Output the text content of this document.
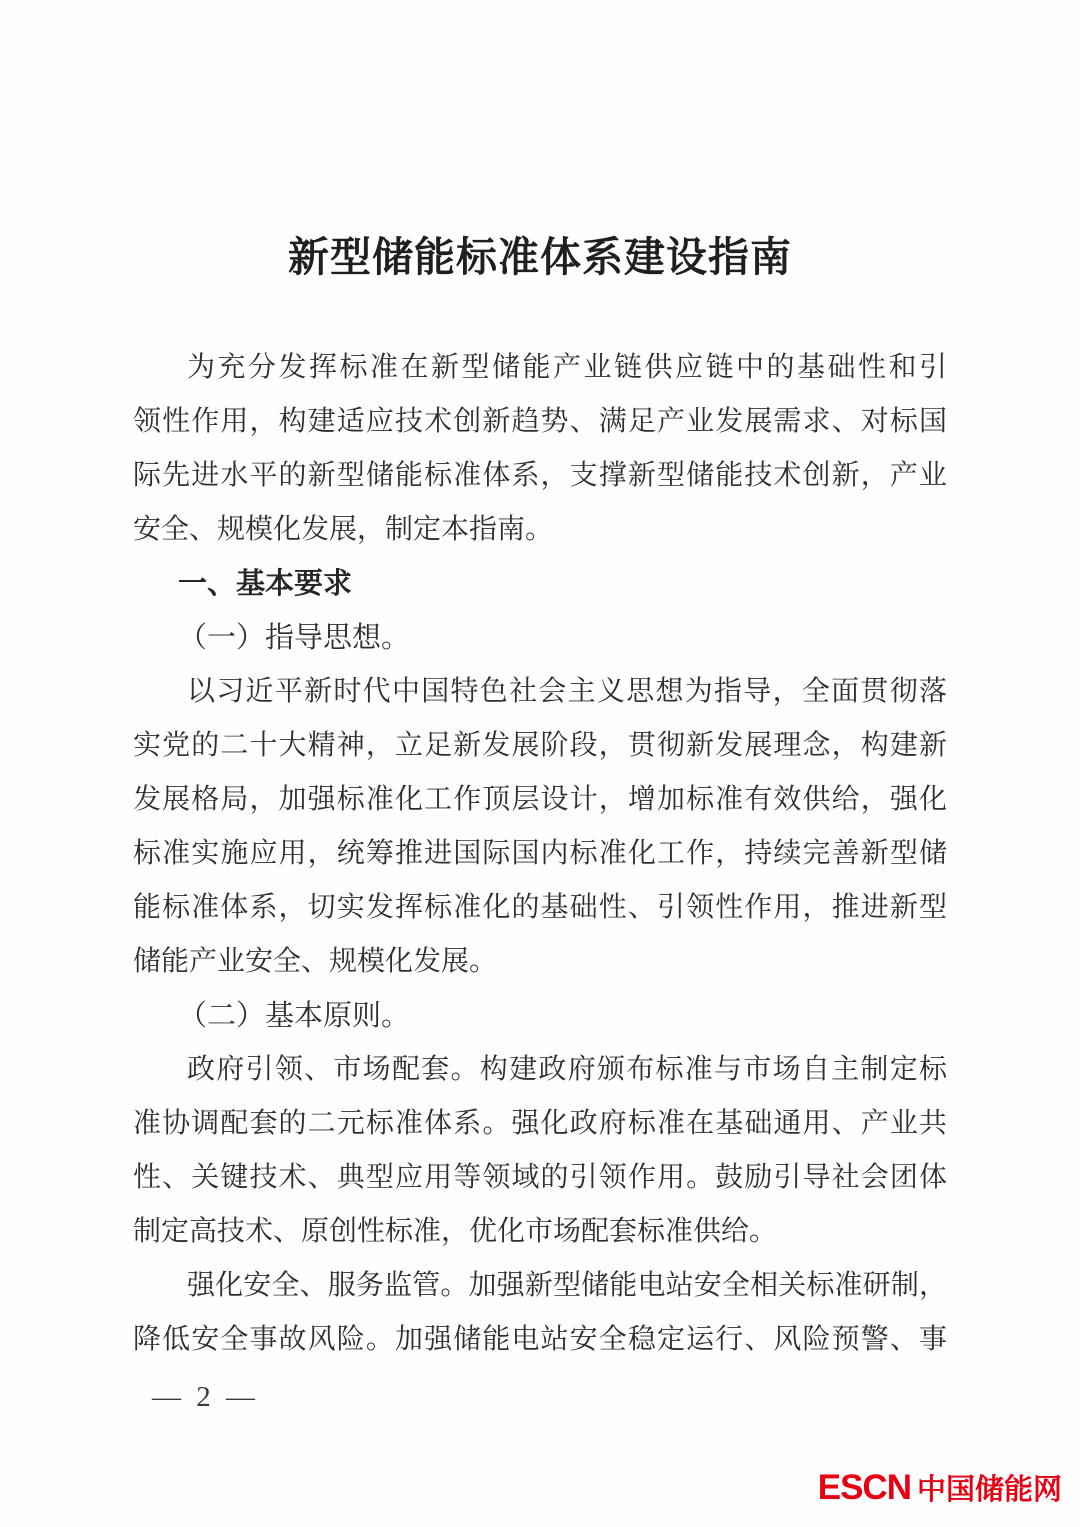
新型储能标准体系建设指南
为充分发挥标准在新型储能产业链供应链中的基础性和引
领性作用，构建适应技术创新趋势、满足产业发展需求、对标国
际先进水平的新型储能标准体系，支撑新型储能技术创新，产业
安全、规模化发展，制定本指南。
一、基本要求
（一）指导思想。
以习近平新时代中国特色社会主义思想为指导，全面贯彻落
实党的二十大精神，立足新发展阶段，贯彻新发展理念，构建新
发展格局，加强标准化工作顶层设计，增加标准有效供给，强化
标准实施应用，统筹推进国际国内标准化工作，持续完善新型储
能标准体系，切实发挥标准化的基础性、引领性作用，推进新型
储能产业安全、规模化发展。
（二）基本原则。
政府引领、市场配套。构建政府颁布标准与市场自主制定标
准协调配套的二元标准体系。强化政府标准在基础通用、产业共
性、关键技术、典型应用等领域的引领作用。鼓励引导社会团体
制定高技术、原创性标准，优化市场配套标准供给。
强化安全、服务监管。加强新型储能电站安全相关标准研制，
降低安全事故风险。加强储能电站安全稳定运行、风险预警、事
— 2 —
ESCN 中国储能网
